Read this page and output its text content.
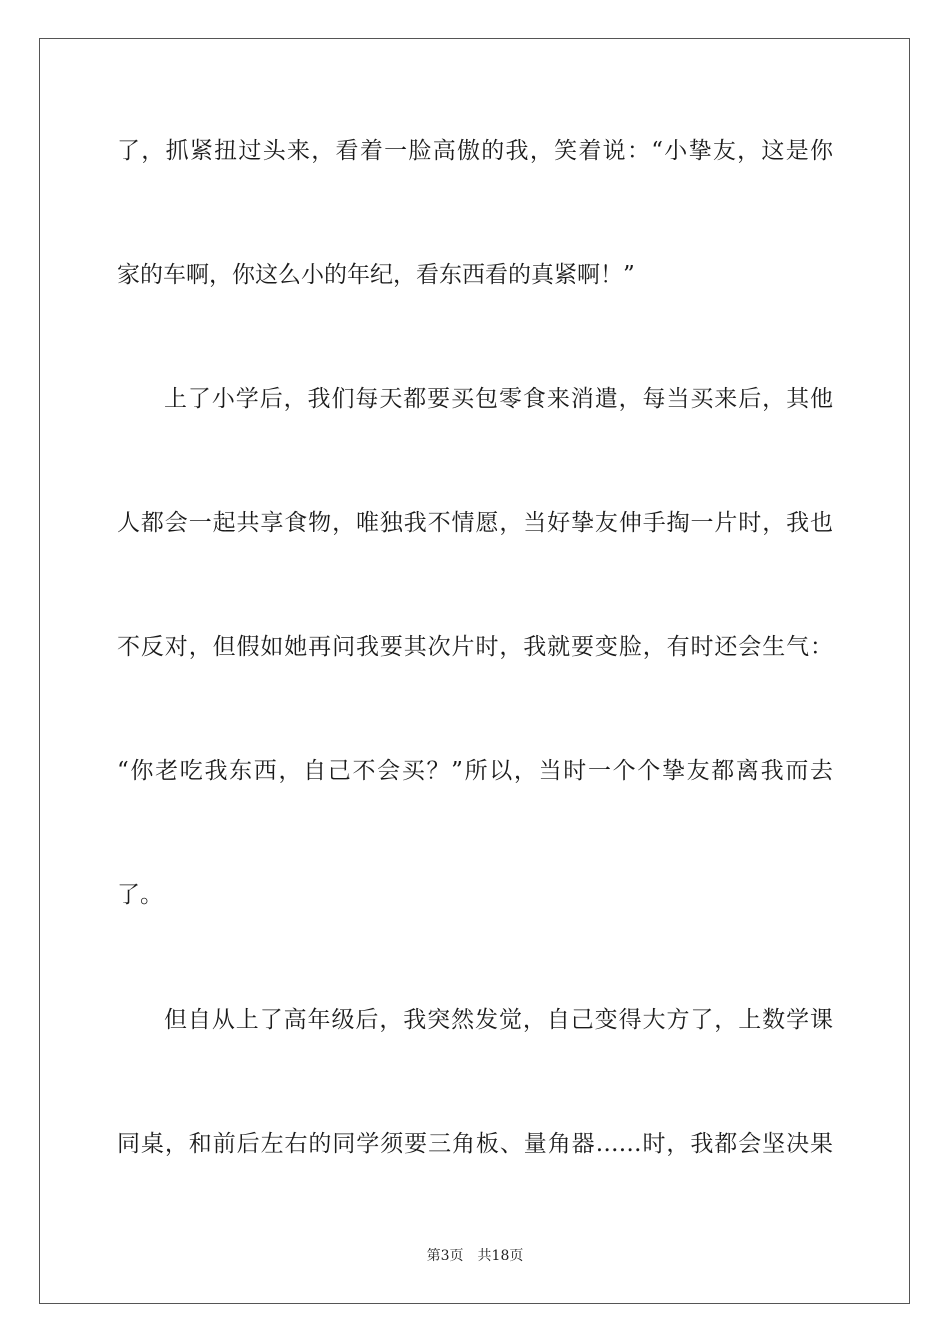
了，抓紧扭过头来，看着一脸高傲的我，笑着说：“小挚友，这是你
家的车啊，你这么小的年纪，看东西看的真紧啊！”
上了小学后，我们每天都要买包零食来消遣，每当买来后，其他
人都会一起共享食物，唯独我不情愿，当好挚友伸手掏一片时，我也
不反对，但假如她再问我要其次片时，我就要变脸，有时还会生气：
“你老吃我东西，自己不会买？”所以，当时一个个挚友都离我而去
了。
但自从上了高年级后，我突然发觉，自己变得大方了，上数学课
同桌，和前后左右的同学须要三角板、量角器……时，我都会坚决果
第3页 共18页
